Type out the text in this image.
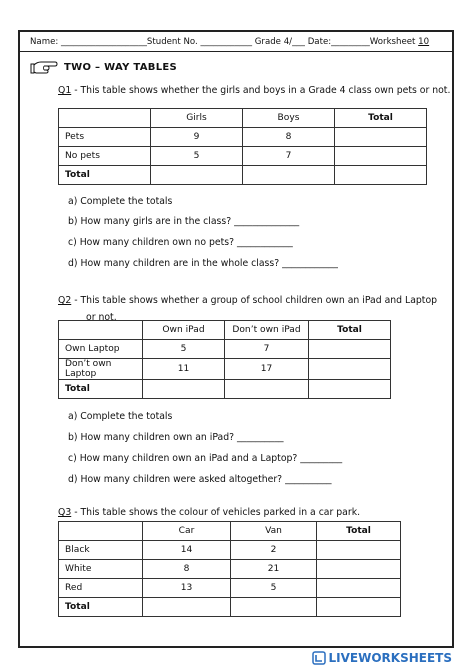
Name: ____________________Student No. ____________ Grade 4/___ Date:_________Worksheet 10
TWO – WAY TABLES
Q1 - This table shows whether the girls and boys in a Grade 4 class own pets or not.
	Girls	Boys	Total
Pets	9	8	
No pets	5	7	
Total			
a) Complete the totals
b) How many girls are in the class? ______________
c) How many children own no pets? ____________
d) How many children are in the whole class? ____________
Q2 - This table shows whether a group of school children own an iPad and Laptop
or not.
	Own iPad	Don’t own iPad	Total
Own Laptop	5	7	
Don’t own Laptop	11	17	
Total			
a) Complete the totals
b) How many children own an iPad? __________
c) How many children own an iPad and a Laptop? _________
d) How many children were asked altogether? __________
Q3 - This table shows the colour of vehicles parked in a car park.
	Car	Van	Total
Black	14	2	
White	8	21	
Red	13	5	
Total			
LIVEWORKSHEETS
